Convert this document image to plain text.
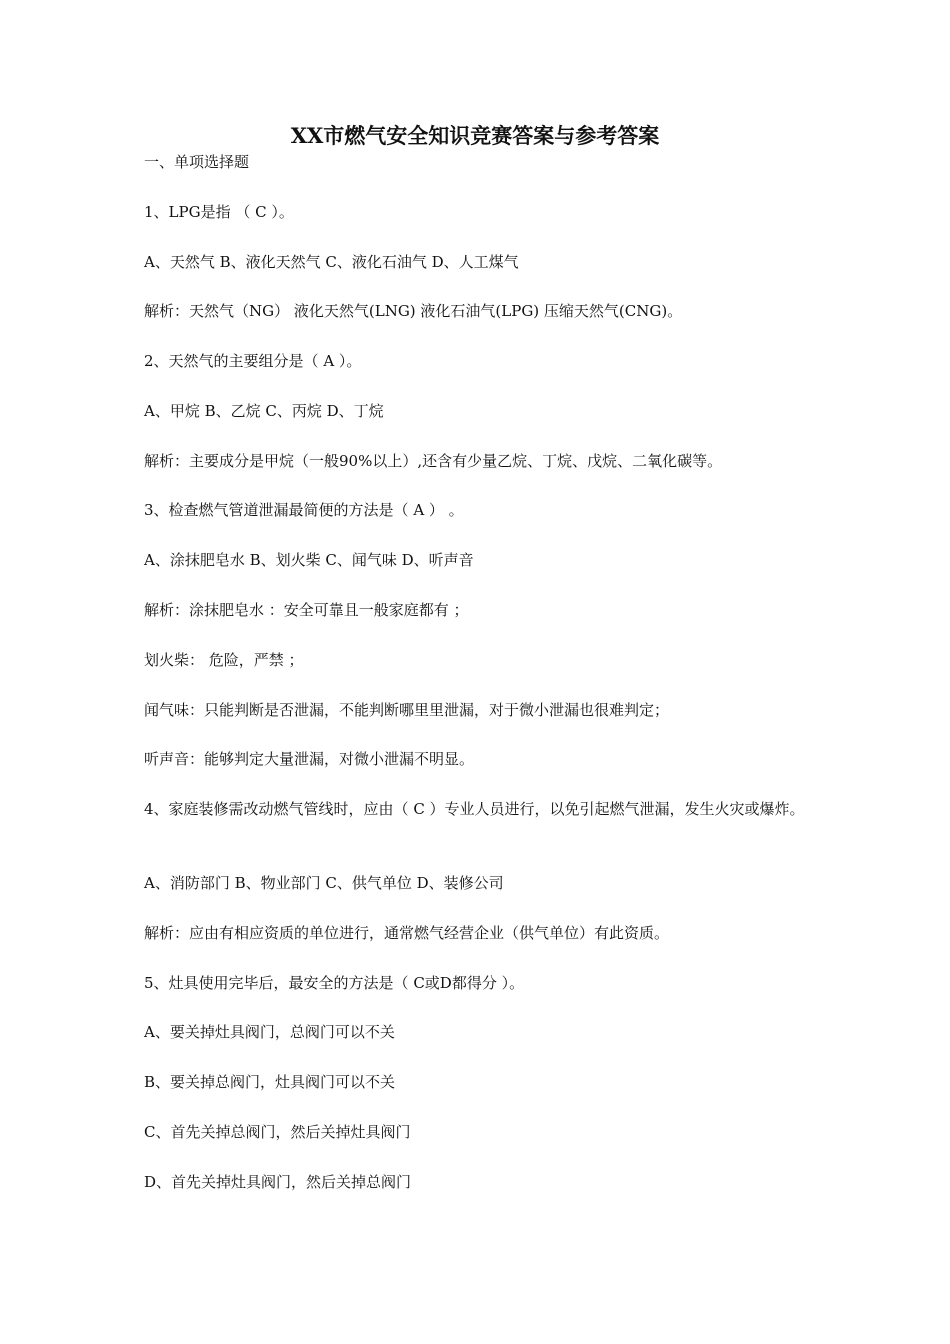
XX市燃气安全知识竞赛答案与参考答案
一、单项选择题
1、LPG是指 （ C ）。
A、天然气 B、液化天然气 C、液化石油气 D、人工煤气
解析：天然气（NG） 液化天然气(LNG) 液化石油气(LPG) 压缩天然气(CNG)。
2、天然气的主要组分是（ A ）。
A、甲烷 B、乙烷 C、丙烷 D、丁烷
解析：主要成分是甲烷（一般90%以上）,还含有少量乙烷、丁烷、戊烷、二氧化碳等。
3、检查燃气管道泄漏最简便的方法是（ A ） 。
A、涂抹肥皂水 B、划火柴 C、闻气味 D、听声音
解析：涂抹肥皂水 ：安全可靠且一般家庭都有 ；
划火柴： 危险，严禁 ；
闻气味：只能判断是否泄漏，不能判断哪里里泄漏，对于微小泄漏也很难判定；
听声音：能够判定大量泄漏，对微小泄漏不明显。
4、家庭装修需改动燃气管线时，应由（ C ）专业人员进行，以免引起燃气泄漏，发生火灾或爆炸。
A、消防部门 B、物业部门 C、供气单位 D、装修公司
解析：应由有相应资质的单位进行，通常燃气经营企业（供气单位）有此资质。
5、灶具使用完毕后，最安全的方法是（ C或D都得分 ）。
A、要关掉灶具阀门，总阀门可以不关
B、要关掉总阀门，灶具阀门可以不关
C、首先关掉总阀门，然后关掉灶具阀门
D、首先关掉灶具阀门，然后关掉总阀门
